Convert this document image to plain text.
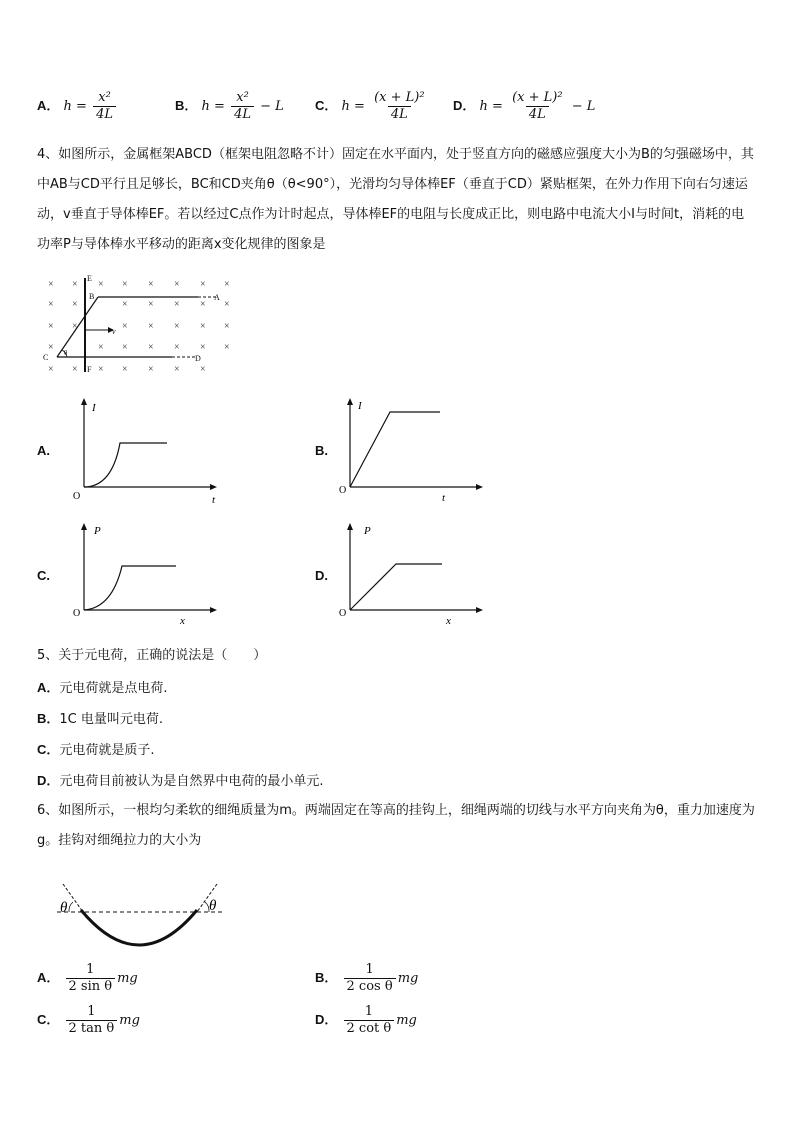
A． $h = \frac{\text{x²}}{4L}$	B． $h = \frac{\text{x²}}{4L} - L$ C． $h = \frac{\text{(x + L)²}}{4L}$ D． $h = \frac{\text{(x + L)²}}{4L} - L$
4、如图所示，金属框架ABCD（框架电阻忽略不计）固定在水平面内，处于竖直方向的磁感应强度大小为B的匀强磁场中，其中AB与CD平行且足够长，BC和CD夹角θ（θ<90°），光滑均匀导体棒EF（垂直于CD）紧贴框架，在外力作用下向右匀速运动，v垂直于导体棒EF。若以经过C点作为计时起点，导体棒EF的电阻与长度成正比，则电路中电流大小I与时间t，消耗的电功率P与导体棒水平移动的距离x变化规律的图象是
× × × × × × × ×
× ×	× × × × ×
× ×	× × × × ×
×	× × × × × ×
× × × × × × ×
E
F
A
B
C	D
v
θ
A.
I
t
O
B.
I
t
O
C.
P
x
O
D.
P
x
O
5、关于元电荷，正确的说法是（　　）
A．元电荷就是点电荷.
B．1C 电量叫元电荷.
C．元电荷就是质子.
D．元电荷目前被认为是自然界中电荷的最小单元.
6、如图所示，一根均匀柔软的细绳质量为m。两端固定在等高的挂钩上，细绳两端的切线与水平方向夹角为θ，重力加速度为g。挂钩对细绳拉力的大小为
θ	θ
A． $\frac{1}{\text{2 sin θ}}$ mg	B． $\frac{1}{\text{2 cos θ}}$ mg
C． $\frac{1}{\text{2 tan θ}}$ mg	D． $\frac{1}{\text{2 cot θ}}$ mg
